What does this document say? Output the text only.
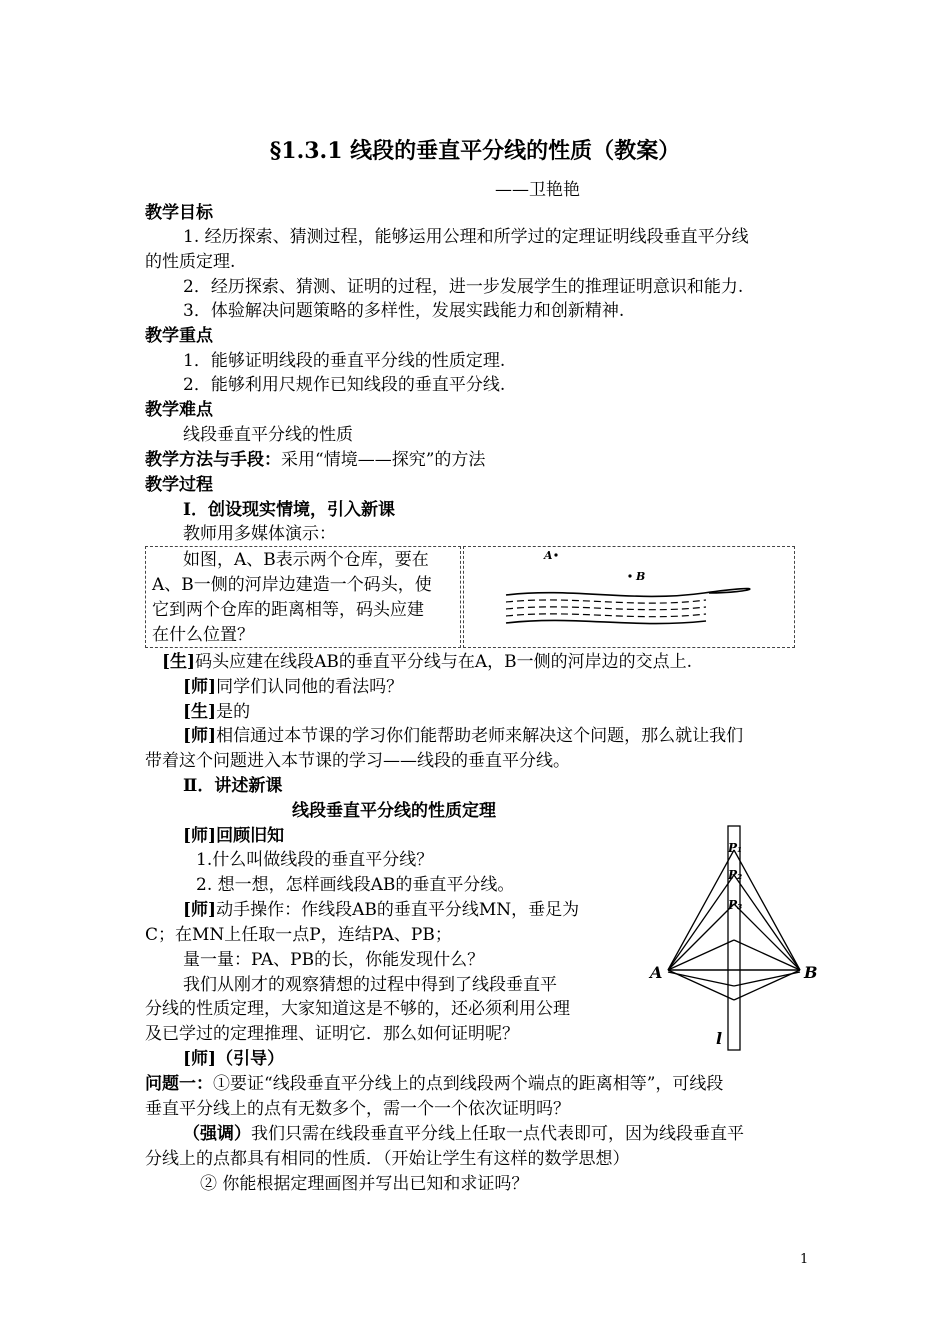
§1.3.1 线段的垂直平分线的性质（教案）
——卫艳艳
教学目标
1. 经历探索、猜测过程，能够运用公理和所学过的定理证明线段垂直平分线
的性质定理.
2．经历探索、猜测、证明的过程，进一步发展学生的推理证明意识和能力.
3．体验解决问题策略的多样性，发展实践能力和创新精神.
教学重点
1．能够证明线段的垂直平分线的性质定理.
2．能够利用尺规作已知线段的垂直平分线.
教学难点
线段垂直平分线的性质
教学方法与手段：采用“情境——探究”的方法
教学过程
Ⅰ．创设现实情境，引入新课
教师用多媒体演示：
如图，A、B表示两个仓库，要在
A、B一侧的河岸边建造一个码头，使
它到两个仓库的距离相等，码头应建
在什么位置？
A
B
[生]码头应建在线段AB的垂直平分线与在A，B一侧的河岸边的交点上.
[师]同学们认同他的看法吗？
[生]是的
[师]相信通过本节课的学习你们能帮助老师来解决这个问题，那么就让我们
带着这个问题进入本节课的学习——线段的垂直平分线。
Ⅱ．讲述新课
线段垂直平分线的性质定理
[师]回顾旧知
1.什么叫做线段的垂直平分线？
2. 想一想，怎样画线段AB的垂直平分线。
[师]动手操作：作线段AB的垂直平分线MN，垂足为
C；在MN上任取一点P，连结PA、PB；
量一量：PA、PB的长，你能发现什么？
我们从刚才的观察猜想的过程中得到了线段垂直平
分线的性质定理，大家知道这是不够的，还必须利用公理
及已学过的定理推理、证明它．那么如何证明呢？
[师]（引导）
问题一：①要证“线段垂直平分线上的点到线段两个端点的距离相等”，可线段
垂直平分线上的点有无数多个，需一个一个依次证明吗？
（强调）我们只需在线段垂直平分线上任取一点代表即可，因为线段垂直平
分线上的点都具有相同的性质．（开始让学生有这样的数学思想）
② 你能根据定理画图并写出已知和求证吗？
A	B
P₁
P₂
P₃
l
1
